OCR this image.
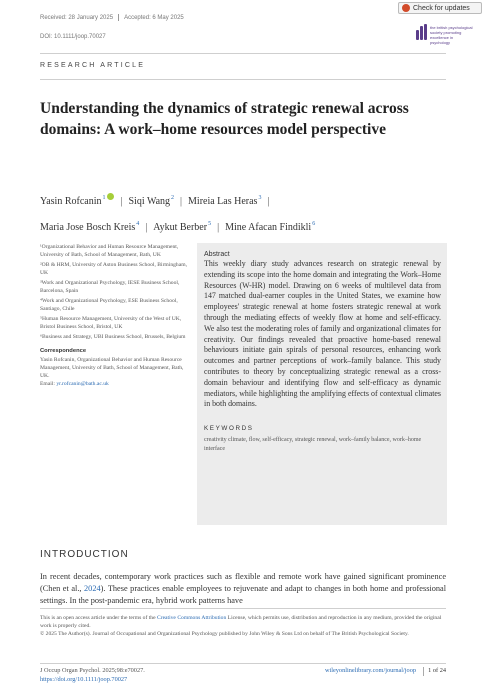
Received: 28 January 2025 Accepted: 6 May 2025
DOI: 10.1111/joop.70027
Check for updates
the british psychological society promoting excellence in psychology
RESEARCH ARTICLE
Understanding the dynamics of strategic renewal across domains: A work–home resources model perspective
Yasin Rofcanin$^1$ | Siqi Wang$^2$ | Mireia Las Heras$^3$ |
Maria Jose Bosch Kreis$^4$ | Aykut Berber$^5$ | Mine Afacan Findikli$^6$

¹Organizational Behavior and Human Resource Management, University of Bath, School of Management, Bath, UK

²OB & HRM, University of Aston Business School, Birmingham, UK

³Work and Organizational Psychology, IESE Business School, Barcelona, Spain

⁴Work and Organizational Psychology, ESE Business School, Santiago, Chile

⁵Human Resource Management, University of the West of UK, Bristol Business School, Bristol, UK

⁶Business and Strategy, UBI Business School, Brussels, Belgium

Correspondence

Yasin Rofcanin, Organizational Behavior and Human Resource Management, University of Bath, School of Management, Bath, UK.
Email: yr.rofcanin@bath.ac.uk

Abstract
This weekly diary study advances research on strategic renewal by extending its scope into the home domain and integrating the Work–Home Resources (W-HR) model. Drawing on 6 weeks of multilevel data from 147 matched dual-earner couples in the United States, we examine how employees' strategic renewal at home fosters strategic renewal at work through the mediating effects of weekly flow at home and self-efficacy. We also test the moderating roles of family and organizational climates for creativity. Our findings revealed that proactive home-based renewal behaviours initiate gain spirals of personal resources, enhancing work outcomes and partner perceptions of work–family balance. This study contributes to theory by conceptualizing strategic renewal as a cross-domain behaviour and identifying flow and self-efficacy as dynamic mediators, while highlighting the amplifying effects of contextual climates in both domains.
KEYWORDS
creativity climate, flow, self-efficacy, strategic renewal, work–family balance, work–home interface
INTRODUCTION
In recent decades, contemporary work practices such as flexible and remote work have gained significant prominence (Chen et al., 2024). These practices enable employees to rejuvenate and adapt to changes in both home and professional settings. In the post-pandemic era, hybrid work patterns have
This is an open access article under the terms of the Creative Commons Attribution License, which permits use, distribution and reproduction in any medium, provided the original work is properly cited.
© 2025 The Author(s). Journal of Occupational and Organizational Psychology published by John Wiley & Sons Ltd on behalf of The British Psychological Society.
J Occup Organ Psychol. 2025;98:e70027.
https://doi.org/10.1111/joop.70027
wileyonlinelibrary.com/journal/joop	1 of 24
